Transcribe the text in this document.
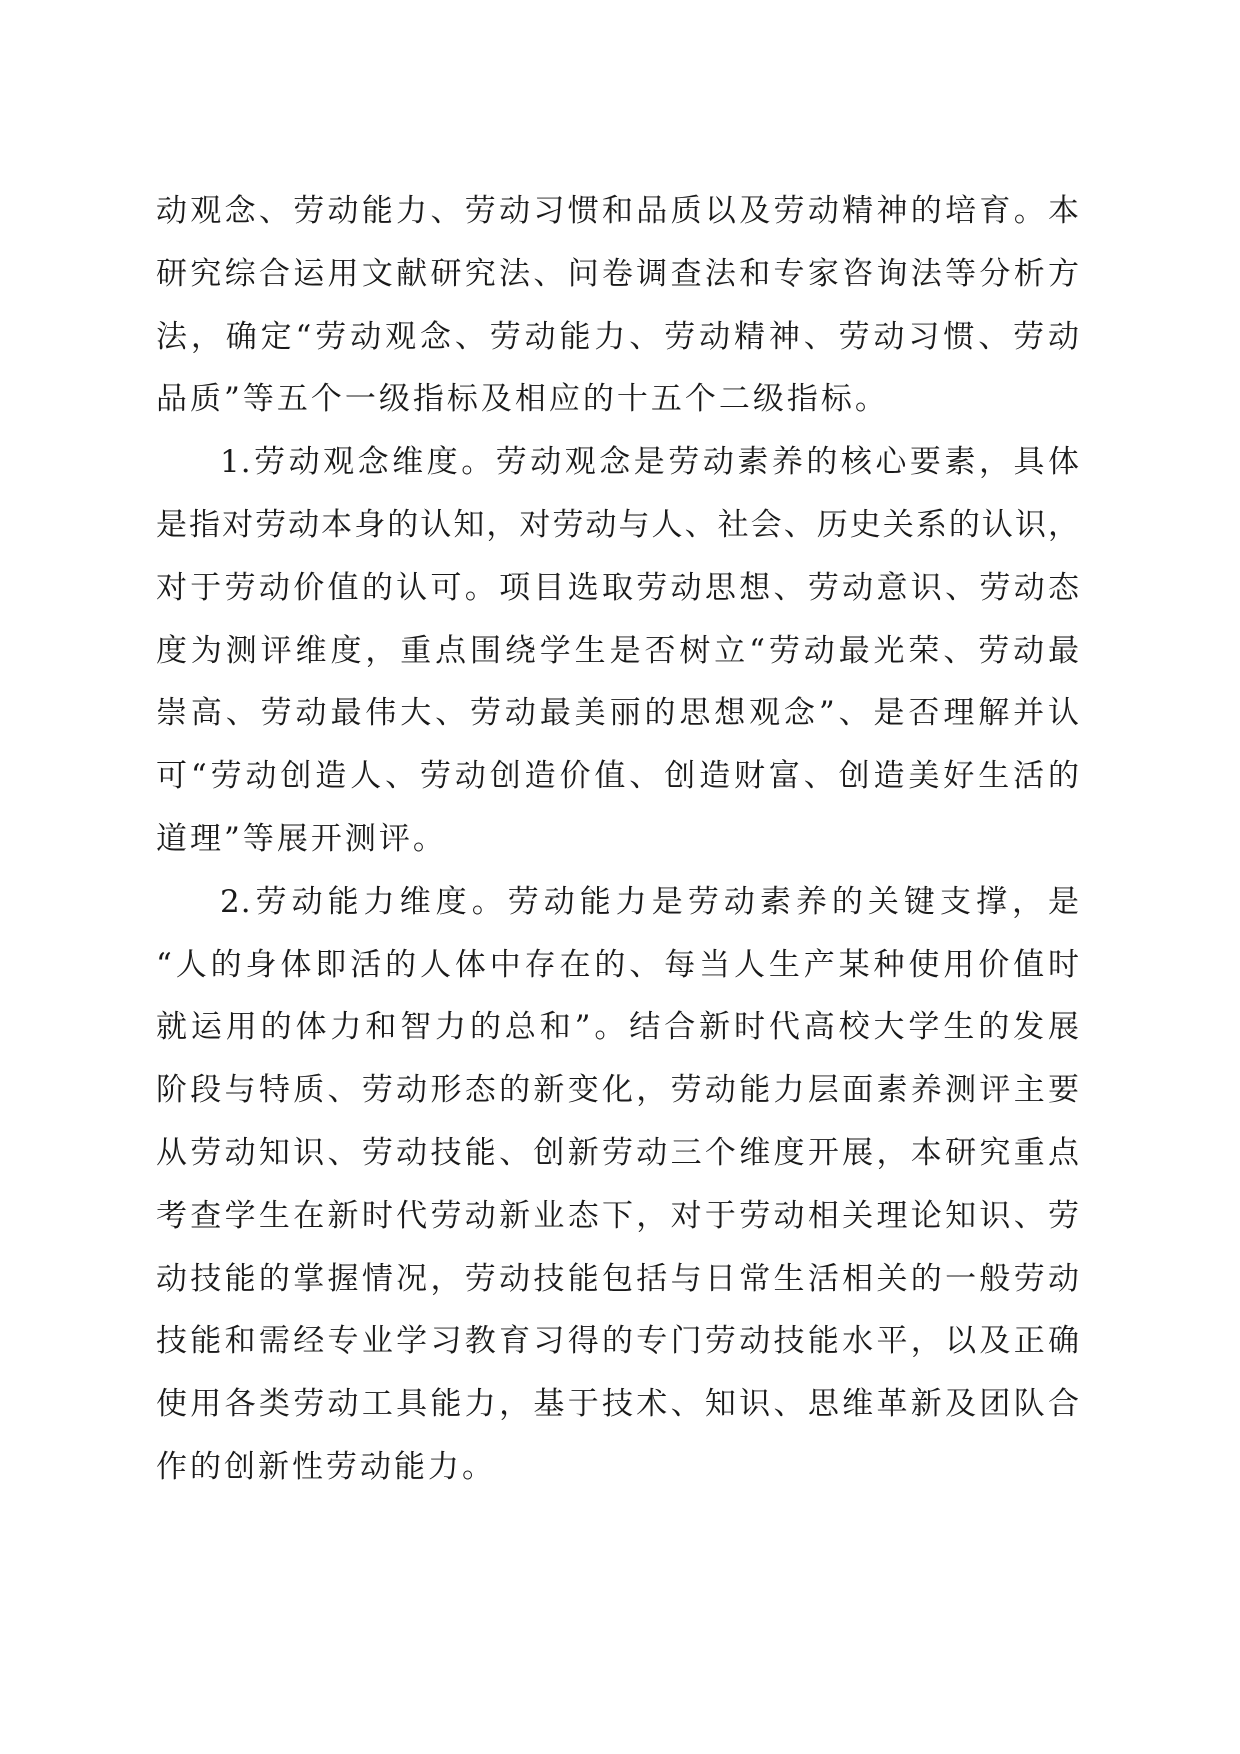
动观念、劳动能力、劳动习惯和品质以及劳动精神的培育。本
研究综合运用文献研究法、问卷调查法和专家咨询法等分析方
法，确定“劳动观念、劳动能力、劳动精神、劳动习惯、劳动
品质”等五个一级指标及相应的十五个二级指标。
1.劳动观念维度。劳动观念是劳动素养的核心要素，具体
是指对劳动本身的认知，对劳动与人、社会、历史关系的认识，
对于劳动价值的认可。项目选取劳动思想、劳动意识、劳动态
度为测评维度，重点围绕学生是否树立“劳动最光荣、劳动最
崇高、劳动最伟大、劳动最美丽的思想观念”、是否理解并认
可“劳动创造人、劳动创造价值、创造财富、创造美好生活的
道理”等展开测评。
2.劳动能力维度。劳动能力是劳动素养的关键支撑，是
“人的身体即活的人体中存在的、每当人生产某种使用价值时
就运用的体力和智力的总和”。结合新时代高校大学生的发展
阶段与特质、劳动形态的新变化，劳动能力层面素养测评主要
从劳动知识、劳动技能、创新劳动三个维度开展，本研究重点
考查学生在新时代劳动新业态下，对于劳动相关理论知识、劳
动技能的掌握情况，劳动技能包括与日常生活相关的一般劳动
技能和需经专业学习教育习得的专门劳动技能水平，以及正确
使用各类劳动工具能力，基于技术、知识、思维革新及团队合
作的创新性劳动能力。
